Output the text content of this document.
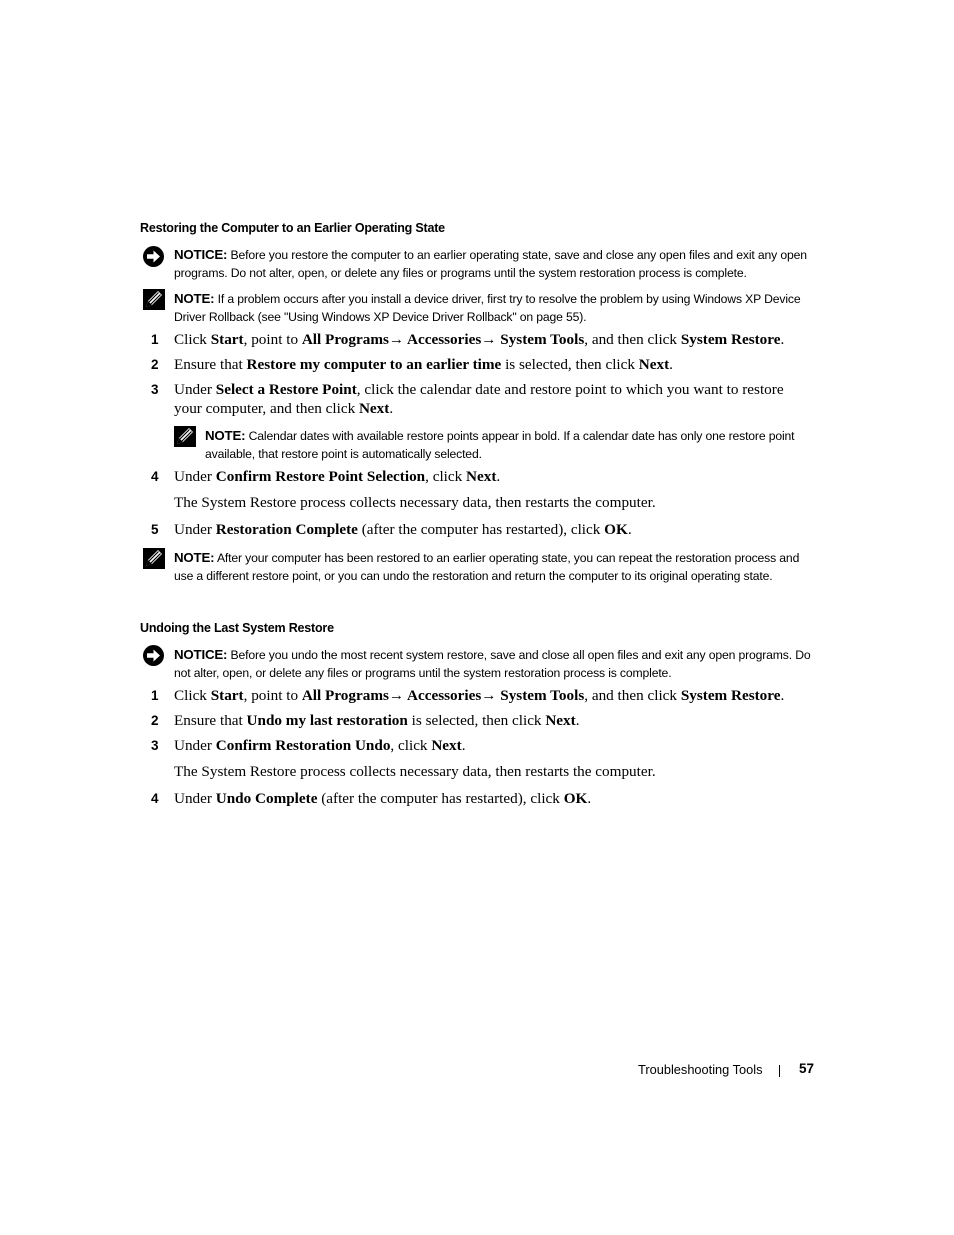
Restoring the Computer to an Earlier Operating State
NOTICE: Before you restore the computer to an earlier operating state, save and close any open files and exit any open programs. Do not alter, open, or delete any files or programs until the system restoration process is complete.
NOTE: If a problem occurs after you install a device driver, first try to resolve the problem by using Windows XP Device Driver Rollback (see "Using Windows XP Device Driver Rollback" on page 55).
1	Click Start, point to All Programs→ Accessories→ System Tools, and then click System Restore.
2	Ensure that Restore my computer to an earlier time is selected, then click Next.
3	Under Select a Restore Point, click the calendar date and restore point to which you want to restore your computer, and then click Next.
NOTE: Calendar dates with available restore points appear in bold. If a calendar date has only one restore point available, that restore point is automatically selected.
4	Under Confirm Restore Point Selection, click Next.
The System Restore process collects necessary data, then restarts the computer.
5	Under Restoration Complete (after the computer has restarted), click OK.
NOTE: After your computer has been restored to an earlier operating state, you can repeat the restoration process and use a different restore point, or you can undo the restoration and return the computer to its original operating state.
Undoing the Last System Restore
NOTICE: Before you undo the most recent system restore, save and close all open files and exit any open programs. Do not alter, open, or delete any files or programs until the system restoration process is complete.
1	Click Start, point to All Programs→ Accessories→ System Tools, and then click System Restore.
2	Ensure that Undo my last restoration is selected, then click Next.
3	Under Confirm Restoration Undo, click Next.
The System Restore process collects necessary data, then restarts the computer.
4	Under Undo Complete (after the computer has restarted), click OK.
Troubleshooting Tools	57
